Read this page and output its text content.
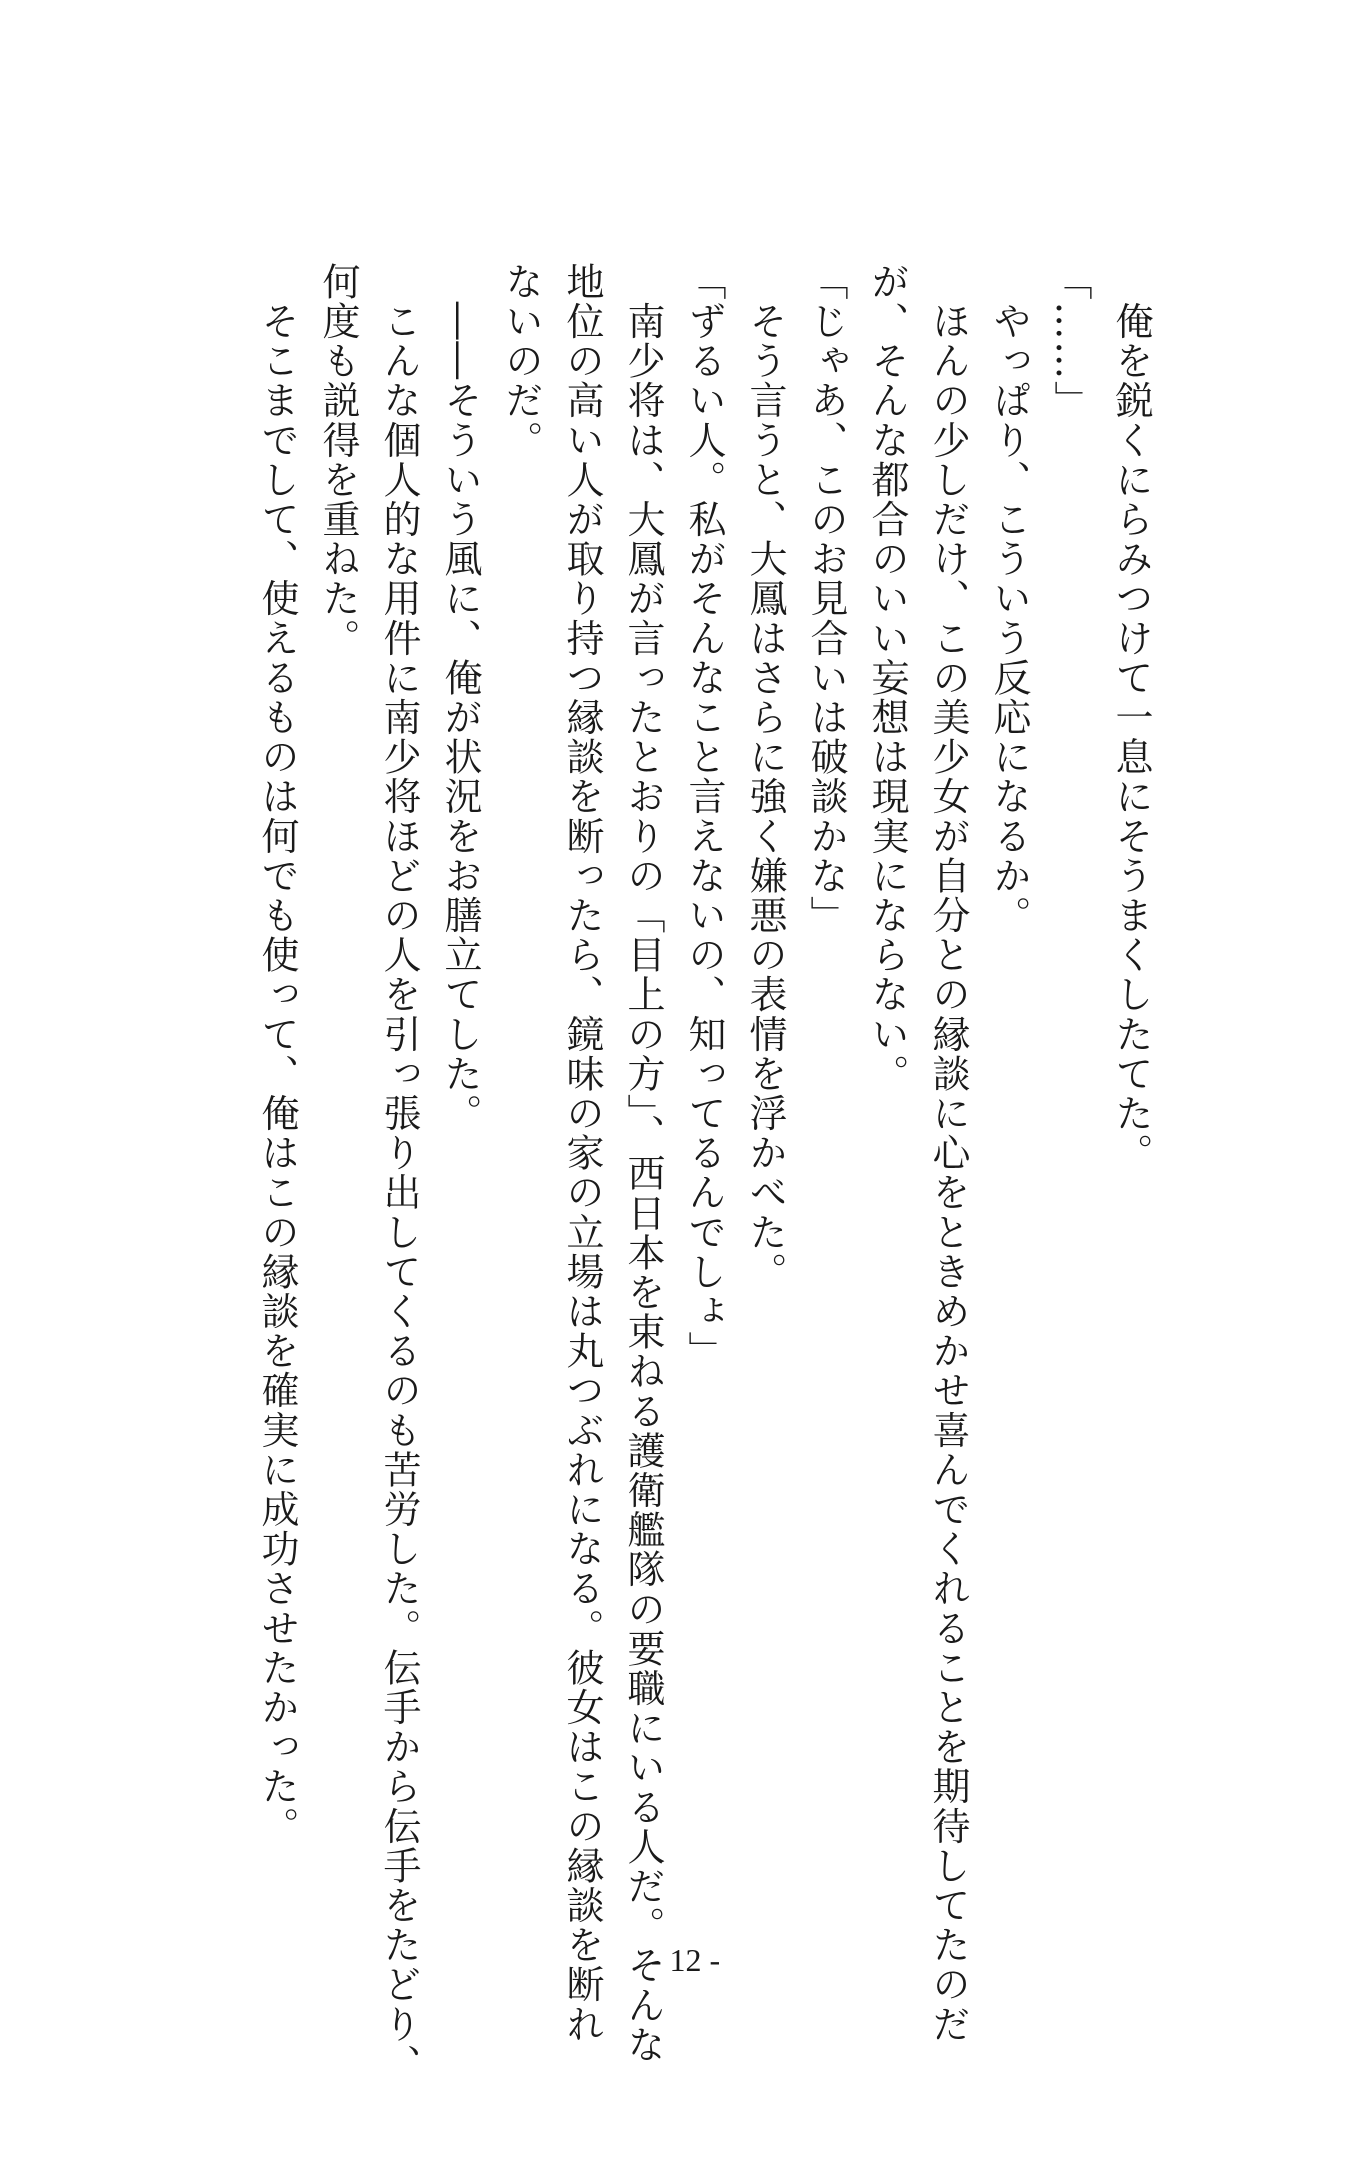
　俺を鋭くにらみつけて一息にそうまくしたてた。
「……」
　やっぱり、こういう反応になるか。
　ほんの少しだけ、この美少女が自分との縁談に心をときめかせ喜んでくれることを期待してたのだ
が、そんな都合のいい妄想は現実にならない。
「じゃあ、このお見合いは破談かな」
　そう言うと、大鳳はさらに強く嫌悪の表情を浮かべた。
「ずるい人。私がそんなこと言えないの、知ってるんでしょ」
　南少将は、大鳳が言ったとおりの「目上の方」、西日本を束ねる護衛艦隊の要職にいる人だ。そんな
地位の高い人が取り持つ縁談を断ったら、鏡味の家の立場は丸つぶれになる。彼女はこの縁談を断れ
ないのだ。
　――そういう風に、俺が状況をお膳立てした。
　こんな個人的な用件に南少将ほどの人を引っ張り出してくるのも苦労した。伝手から伝手をたどり、
何度も説得を重ねた。
　そこまでして、使えるものは何でも使って、俺はこの縁談を確実に成功させたかった。
- 12 -
